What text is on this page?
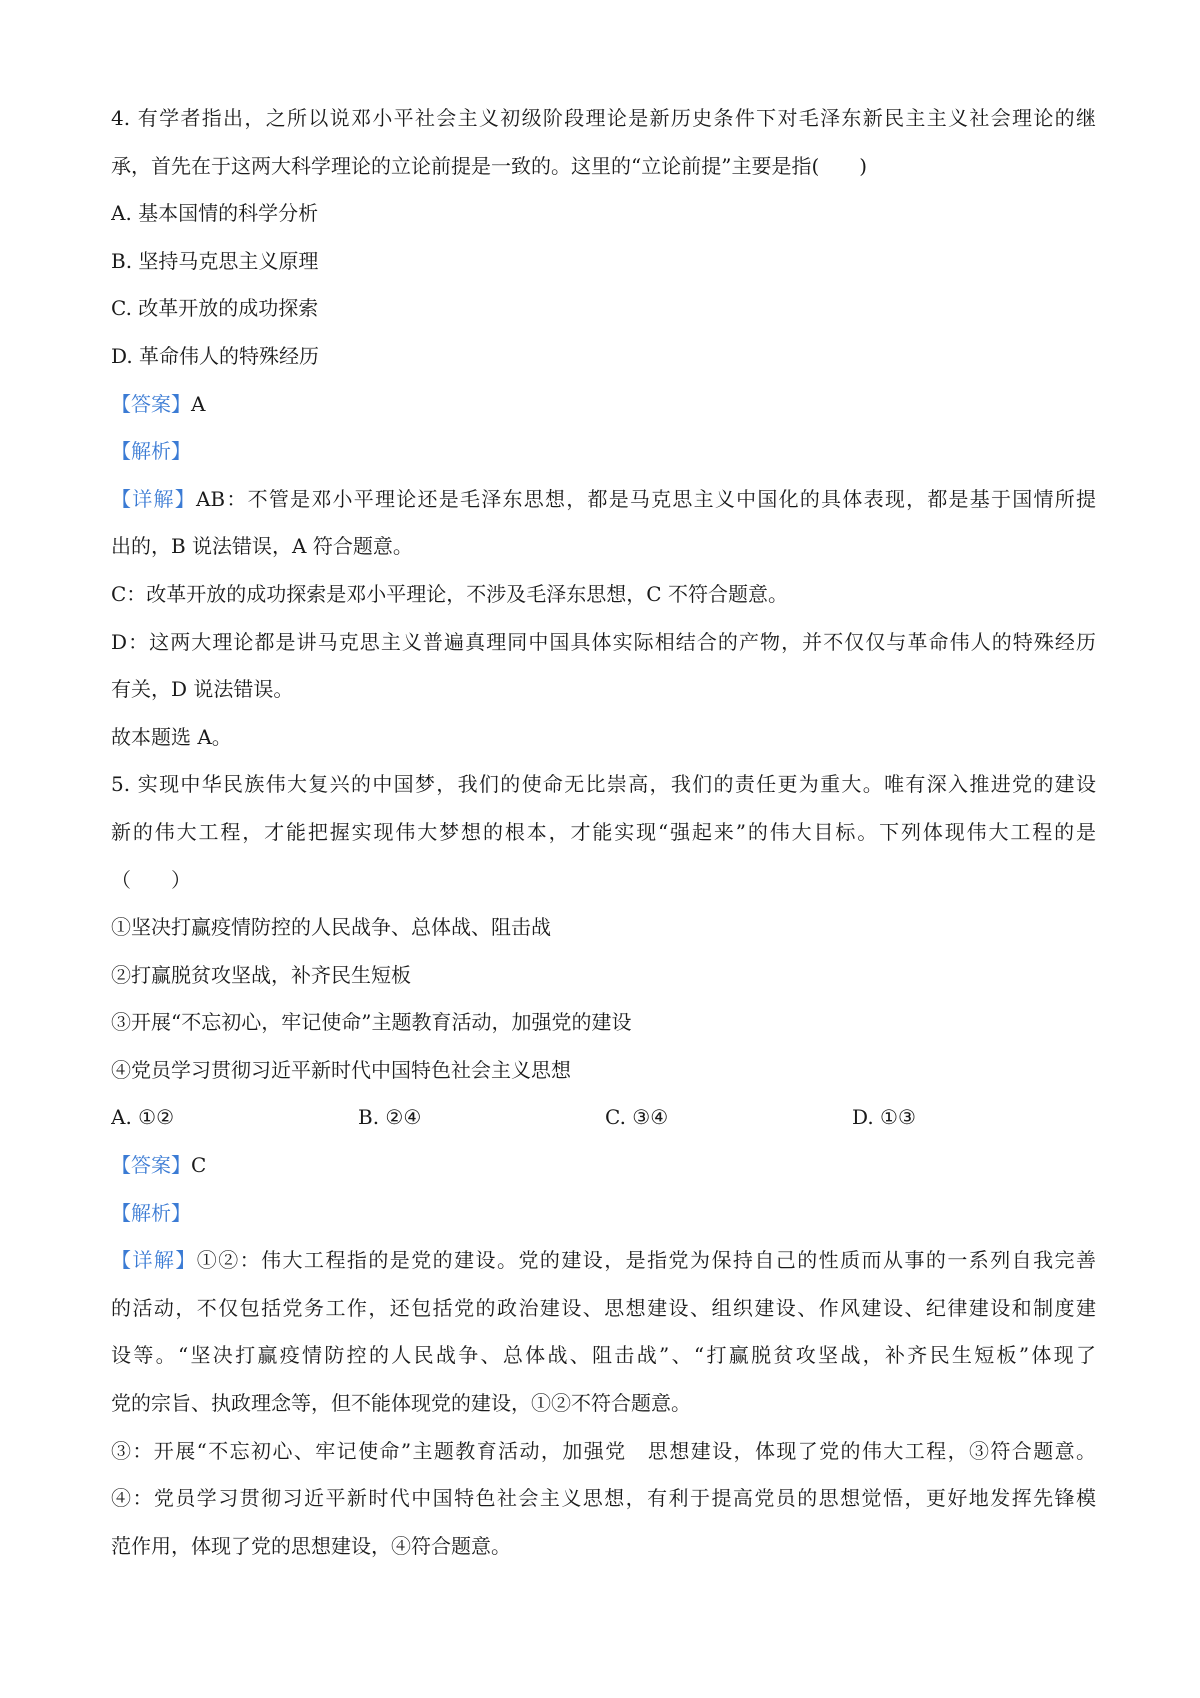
4. 有学者指出，之所以说邓小平社会主义初级阶段理论是新历史条件下对毛泽东新民主主义社会理论的继
承，首先在于这两大科学理论的立论前提是一致的。这里的“立论前提”主要是指(　　)
A. 基本国情的科学分析
B. 坚持马克思主义原理
C. 改革开放的成功探索
D. 革命伟人的特殊经历
【答案】A
【解析】
【详解】AB：不管是邓小平理论还是毛泽东思想，都是马克思主义中国化的具体表现，都是基于国情所提
出的，B 说法错误，A 符合题意。
C：改革开放的成功探索是邓小平理论，不涉及毛泽东思想，C 不符合题意。
D：这两大理论都是讲马克思主义普遍真理同中国具体实际相结合的产物，并不仅仅与革命伟人的特殊经历
有关，D 说法错误。
故本题选 A。
5. 实现中华民族伟大复兴的中国梦，我们的使命无比崇高，我们的责任更为重大。唯有深入推进党的建设
新的伟大工程，才能把握实现伟大梦想的根本，才能实现“强起来”的伟大目标。下列体现伟大工程的是
（　　）
①坚决打赢疫情防控的人民战争、总体战、阻击战
②打赢脱贫攻坚战，补齐民生短板
③开展“不忘初心，牢记使命”主题教育活动，加强党的建设
④党员学习贯彻习近平新时代中国特色社会主义思想
A. ①②	B. ②④	C. ③④	D. ①③
【答案】C
【解析】
【详解】①②：伟大工程指的是党的建设。党的建设，是指党为保持自己的性质而从事的一系列自我完善
的活动，不仅包括党务工作，还包括党的政治建设、思想建设、组织建设、作风建设、纪律建设和制度建
设等。“坚决打赢疫情防控的人民战争、总体战、阻击战”、“打赢脱贫攻坚战，补齐民生短板”体现了
党的宗旨、执政理念等，但不能体现党的建设，①②不符合题意。
③：开展“不忘初心、牢记使命”主题教育活动，加强党　思想建设，体现了党的伟大工程，③符合题意。
④：党员学习贯彻习近平新时代中国特色社会主义思想，有利于提高党员的思想觉悟，更好地发挥先锋模
范作用，体现了党的思想建设，④符合题意。
